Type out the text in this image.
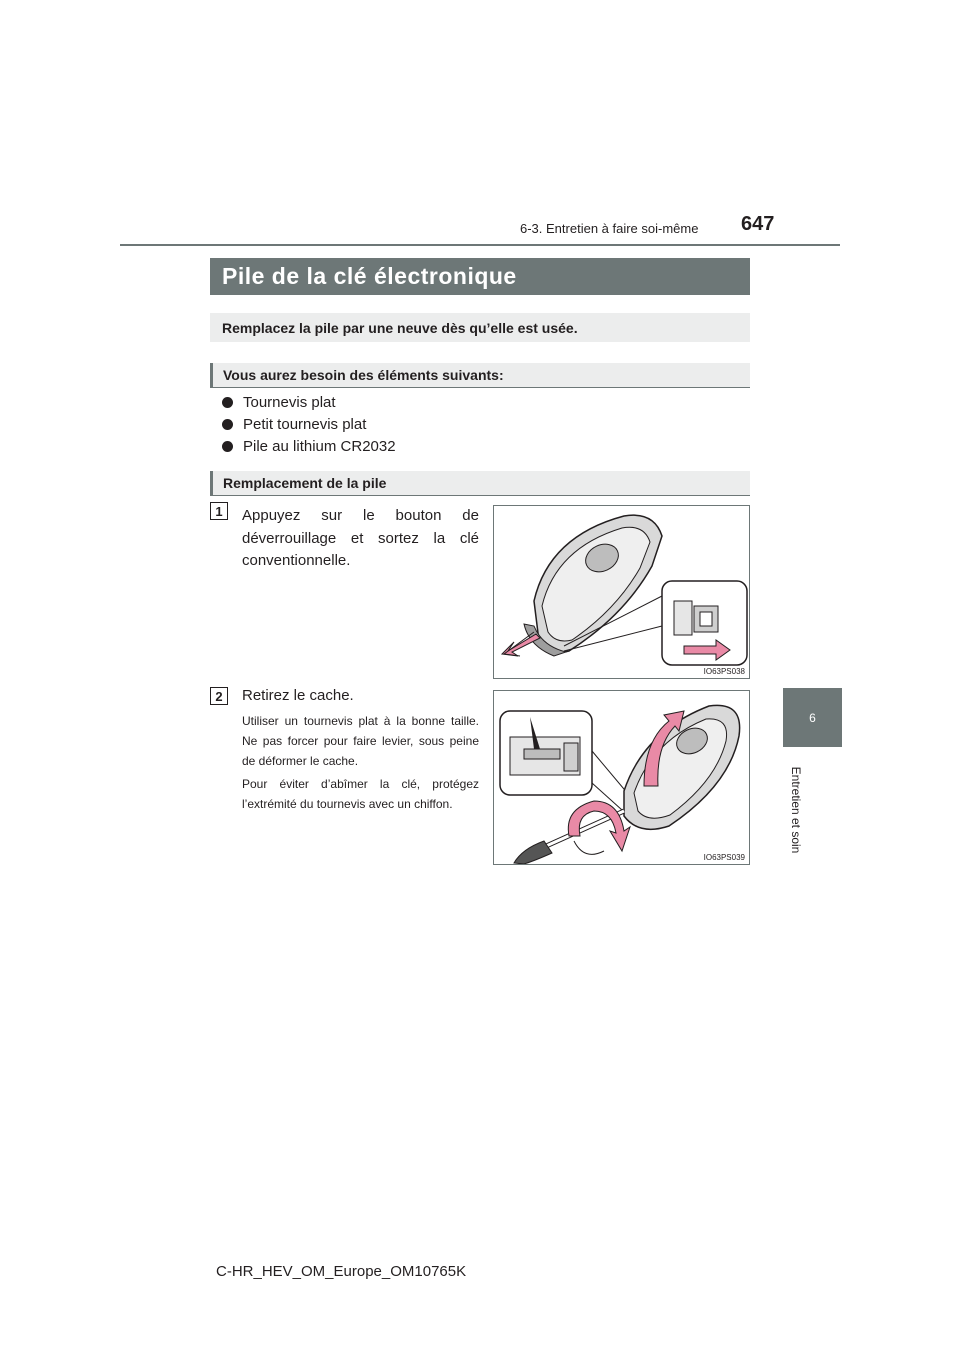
6-3. Entretien à faire soi-même 647
6
Entretien et soin
Pile de la clé électronique
Remplacez la pile par une neuve dès qu’elle est usée.
Vous aurez besoin des éléments suivants:
Tournevis plat
Petit tournevis plat
Pile au lithium CR2032
Remplacement de la pile
1	Appuyez sur le bouton de déverrouillage et sortez la clé conventionnelle.
IO63PS038
2	Retirez le cache.
Utiliser un tournevis plat à la bonne taille. Ne pas forcer pour faire levier, sous peine de déformer le cache.
Pour éviter d’abîmer la clé, protégez l’extrémité du tournevis avec un chiffon.
IO63PS039
C-HR_HEV_OM_Europe_OM10765K
